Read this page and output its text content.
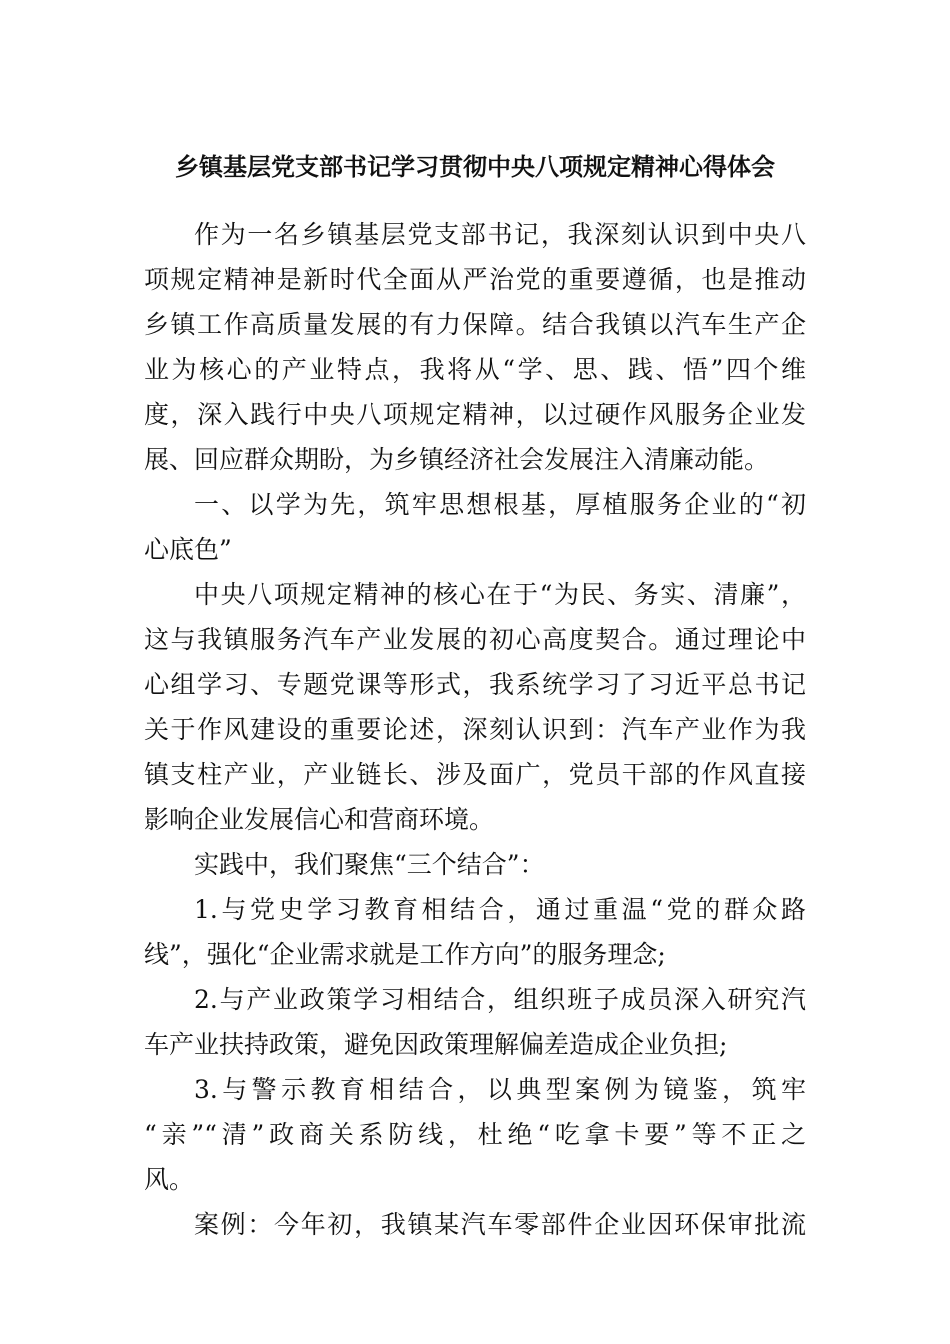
乡镇基层党支部书记学习贯彻中央八项规定精神心得体会
作为一名乡镇基层党支部书记，我深刻认识到中央八
项规定精神是新时代全面从严治党的重要遵循，也是推动
乡镇工作高质量发展的有力保障。结合我镇以汽车生产企
业为核心的产业特点，我将从“学、思、践、悟”四个维
度，深入践行中央八项规定精神，以过硬作风服务企业发
展、回应群众期盼，为乡镇经济社会发展注入清廉动能。
一、以学为先，筑牢思想根基，厚植服务企业的“初
心底色”
中央八项规定精神的核心在于“为民、务实、清廉”，
这与我镇服务汽车产业发展的初心高度契合。通过理论中
心组学习、专题党课等形式，我系统学习了习近平总书记
关于作风建设的重要论述，深刻认识到：汽车产业作为我
镇支柱产业，产业链长、涉及面广，党员干部的作风直接
影响企业发展信心和营商环境。
实践中，我们聚焦“三个结合”：
1.与党史学习教育相结合，通过重温“党的群众路
线”，强化“企业需求就是工作方向”的服务理念;
2.与产业政策学习相结合，组织班子成员深入研究汽
车产业扶持政策，避免因政策理解偏差造成企业负担;
3.与警示教育相结合，以典型案例为镜鉴，筑牢
“亲”“清”政商关系防线，杜绝“吃拿卡要”等不正之
风。
案例：今年初，我镇某汽车零部件企业因环保审批流
